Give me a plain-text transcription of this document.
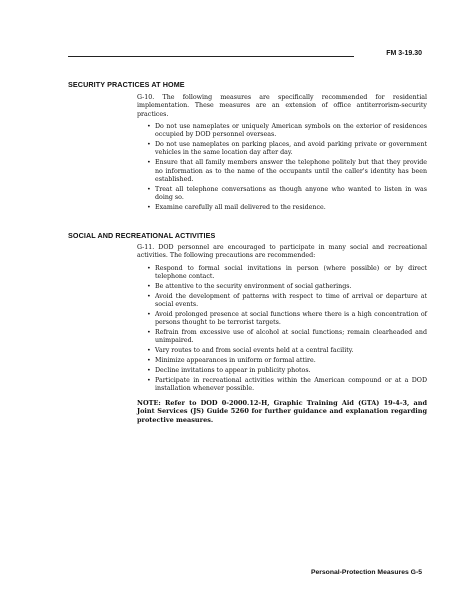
FM 3-19.30
SECURITY PRACTICES AT HOME

G-10. The following measures are specifically recommended for residential implementation. These measures are an extension of office antiterrorism-security practices.

• Do not use nameplates or uniquely American symbols on the exterior of residences occupied by DOD personnel overseas.
• Do not use nameplates on parking places, and avoid parking private or government vehicles in the same location day after day.
• Ensure that all family members answer the telephone politely but that they provide no information as to the name of the occupants until the caller's identity has been established.
• Treat all telephone conversations as though anyone who wanted to listen in was doing so.
• Examine carefully all mail delivered to the residence.
SOCIAL AND RECREATIONAL ACTIVITIES

G-11. DOD personnel are encouraged to participate in many social and recreational activities. The following precautions are recommended:

• Respond to formal social invitations in person (where possible) or by direct telephone contact.
• Be attentive to the security environment of social gatherings.
• Avoid the development of patterns with respect to time of arrival or departure at social events.
• Avoid prolonged presence at social functions where there is a high concentration of persons thought to be terrorist targets.
• Refrain from excessive use of alcohol at social functions; remain clearheaded and unimpaired.
• Vary routes to and from social events held at a central facility.
• Minimize appearances in uniform or formal attire.
• Decline invitations to appear in publicity photos.
• Participate in recreational activities within the American compound or at a DOD installation whenever possible.

NOTE: Refer to DOD 0-2000.12-H, Graphic Training Aid (GTA) 19-4-3, and Joint Services (JS) Guide 5260 for further guidance and explanation regarding protective measures.

Personal-Protection Measures G-5
